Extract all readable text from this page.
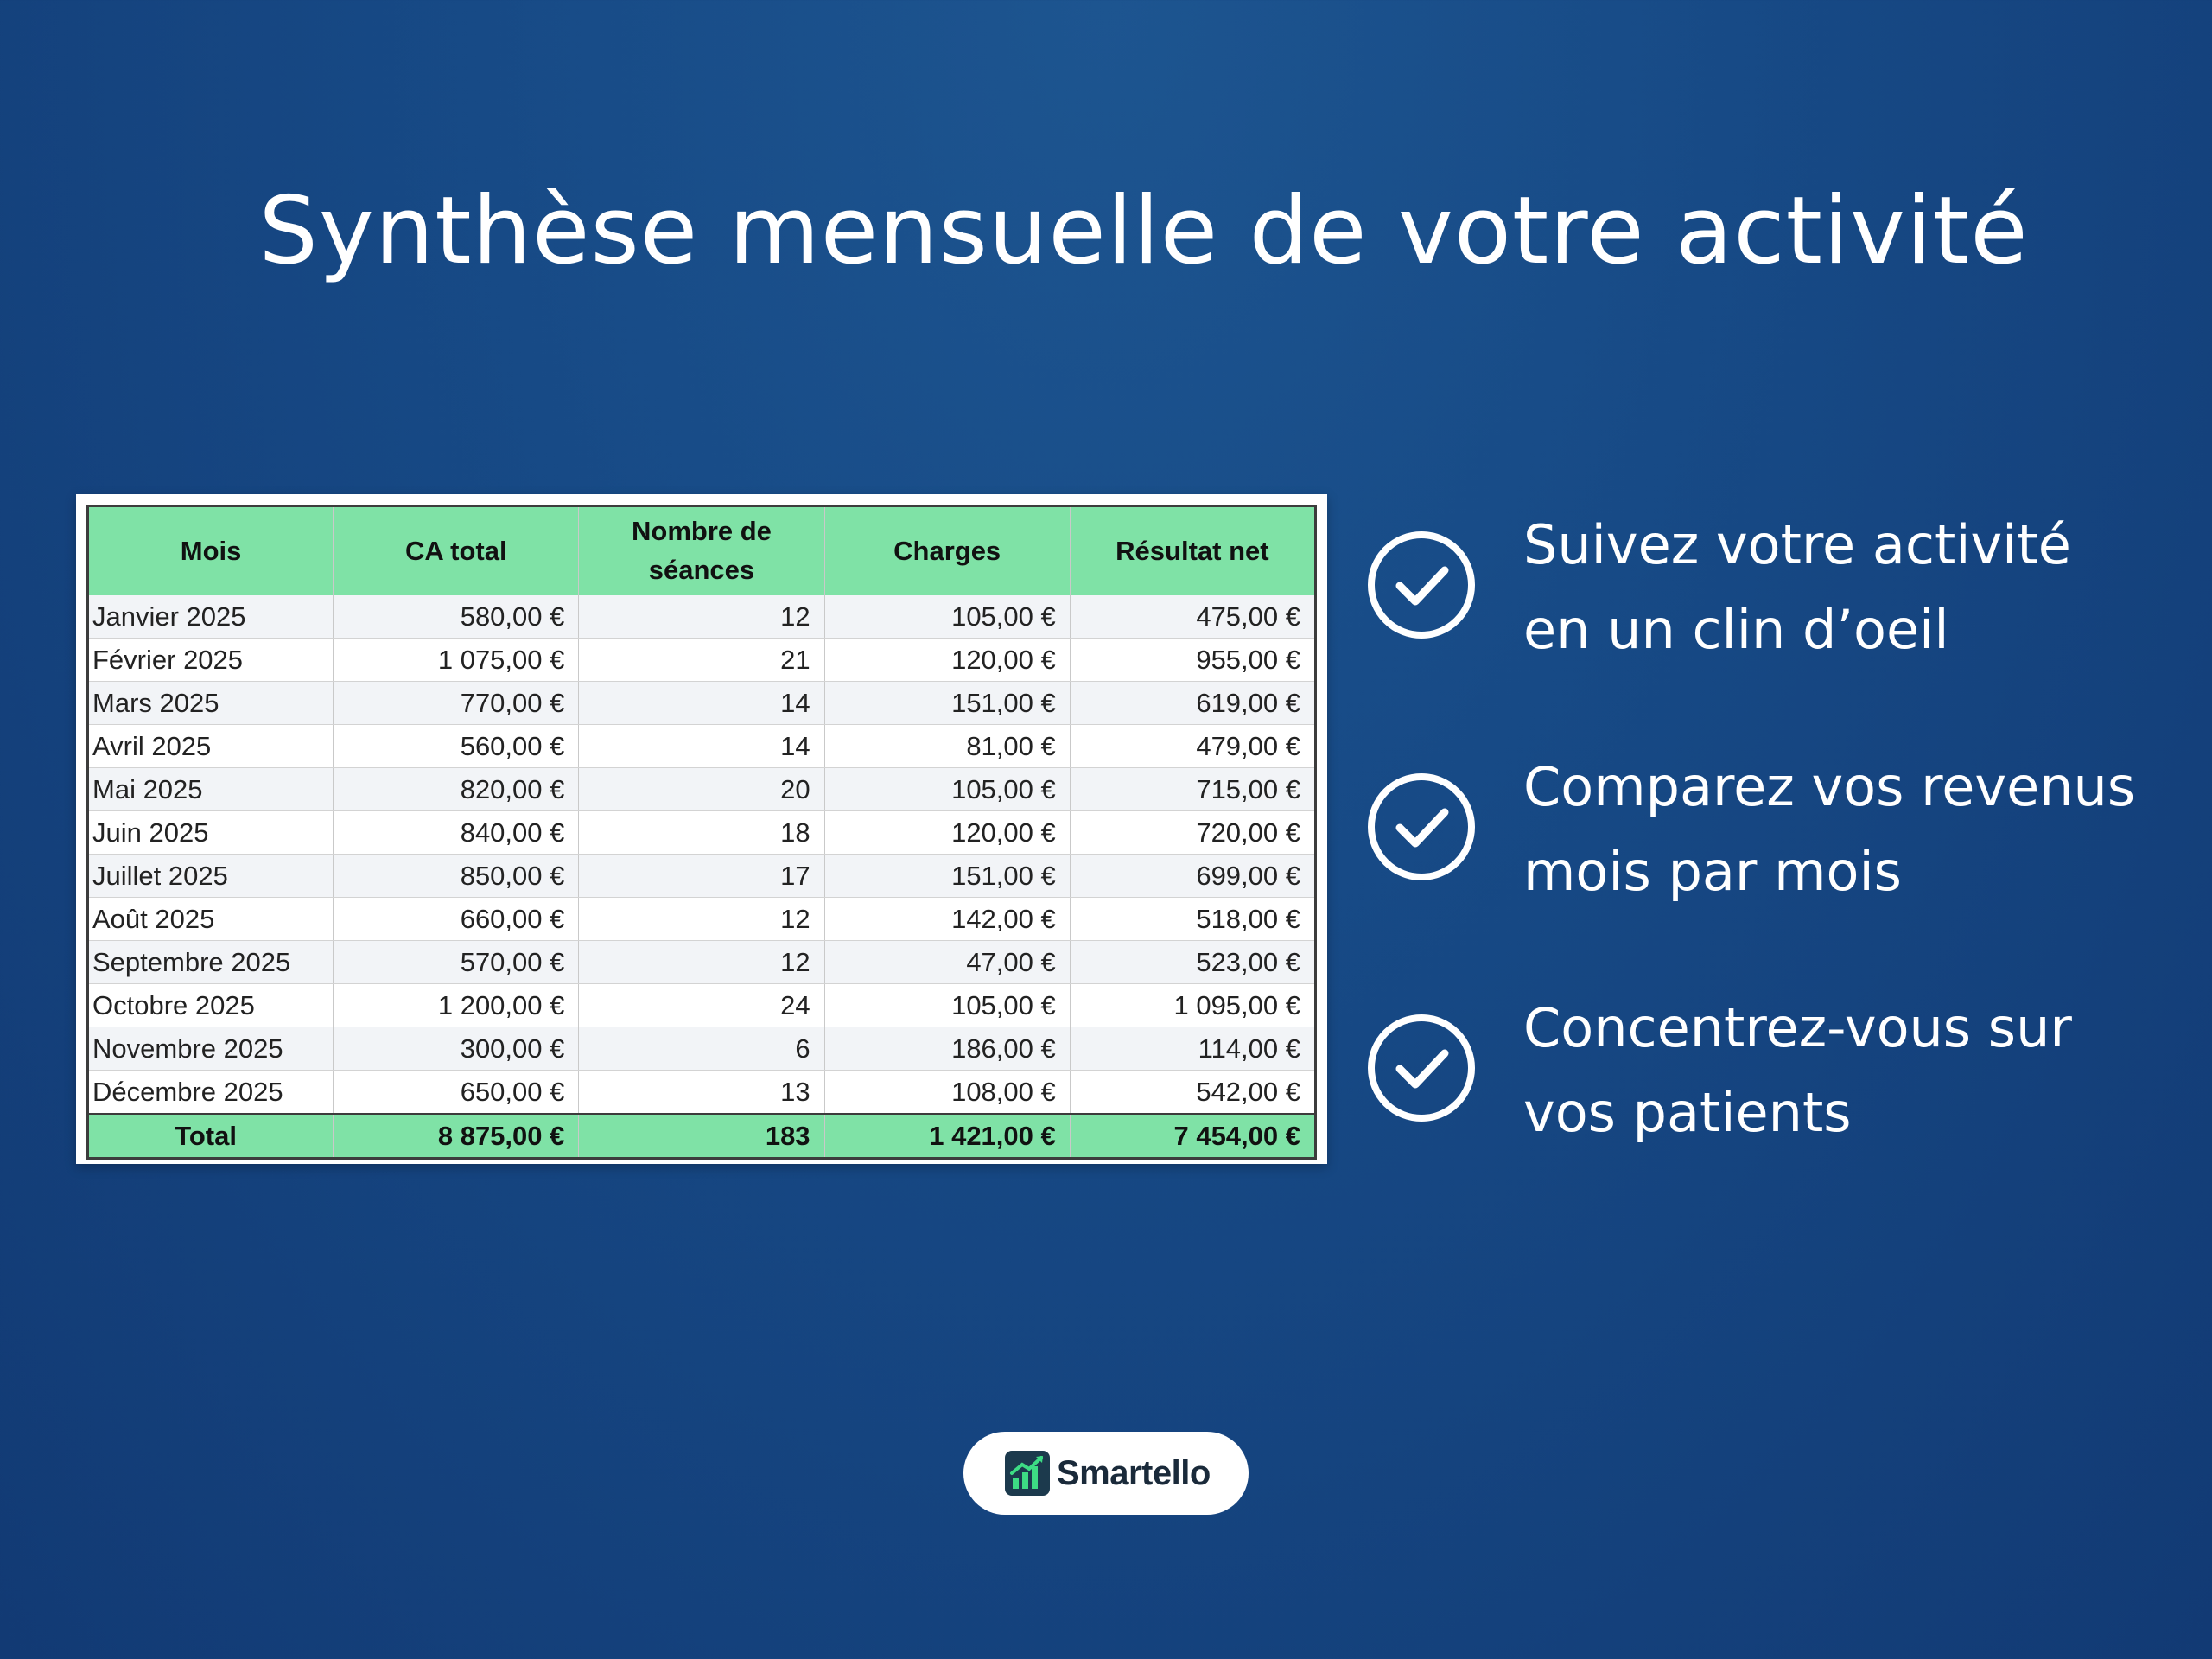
Synthèse mensuelle de votre activité
Mois	CA total	Nombre de séances	Charges	Résultat net
Janvier 2025	580,00 €	12	105,00 €	475,00 €
Février 2025	1 075,00 €	21	120,00 €	955,00 €
Mars 2025	770,00 €	14	151,00 €	619,00 €
Avril 2025	560,00 €	14	81,00 €	479,00 €
Mai 2025	820,00 €	20	105,00 €	715,00 €
Juin 2025	840,00 €	18	120,00 €	720,00 €
Juillet 2025	850,00 €	17	151,00 €	699,00 €
Août 2025	660,00 €	12	142,00 €	518,00 €
Septembre 2025	570,00 €	12	47,00 €	523,00 €
Octobre 2025	1 200,00 €	24	105,00 €	1 095,00 €
Novembre 2025	300,00 €	6	186,00 €	114,00 €
Décembre 2025	650,00 €	13	108,00 €	542,00 €
Total	8 875,00 €	183	1 421,00 €	7 454,00 €
Suivez votre activité
en un clin d’oeil
Comparez vos revenus
mois par mois
Concentrez-vous sur
vos patients
Smartello
